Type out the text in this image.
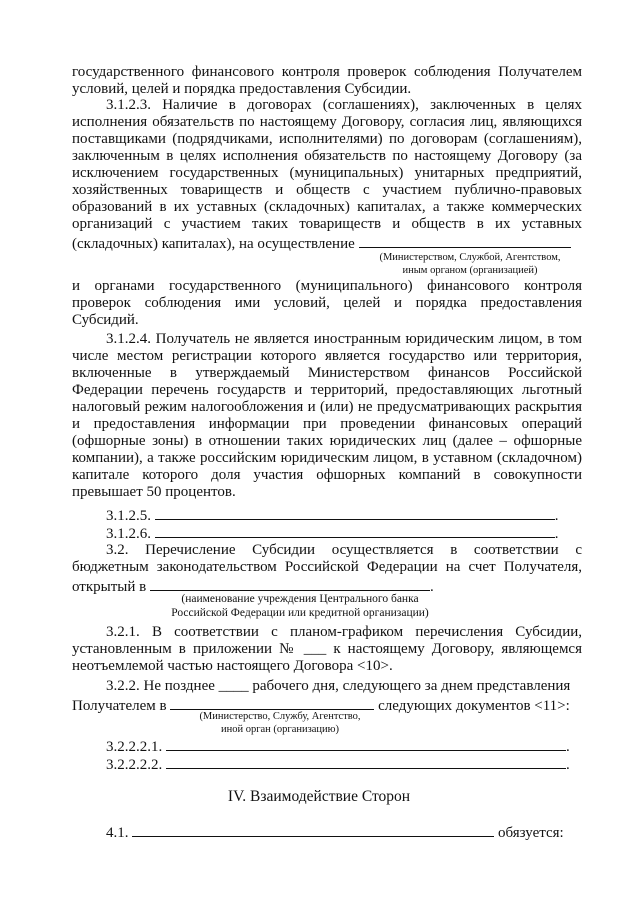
государственного финансового контроля проверок соблюдения Получателем условий, целей и порядка предоставления Субсидии.

3.1.2.3. Наличие в договорах (соглашениях), заключенных в целях исполнения обязательств по настоящему Договору, согласия лиц, являющихся поставщиками (подрядчиками, исполнителями) по договорам (соглашениям), заключенным в целях исполнения обязательств по настоящему Договору (за исключением государственных (муниципальных) унитарных предприятий, хозяйственных товариществ и обществ с участием публично-правовых образований в их уставных (складочных) капиталах, а также коммерческих организаций с участием таких товариществ и обществ в их уставных (складочных) капиталах), на осуществление

(Министерством, Службой, Агентством,
иным органом (организацией)

и органами государственного (муниципального) финансового контроля проверок соблюдения ими условий, целей и порядка предоставления Субсидий.

3.1.2.4. Получатель не является иностранным юридическим лицом, в том числе местом регистрации которого является государство или территория, включенные в утверждаемый Министерством финансов Российской Федерации перечень государств и территорий, предоставляющих льготный налоговый режим налогообложения и (или) не предусматривающих раскрытия и предоставления информации при проведении финансовых операций (офшорные зоны) в отношении таких юридических лиц (далее – офшорные компании), а также российским юридическим лицом, в уставном (складочном) капитале которого доля участия офшорных компаний в совокупности превышает 50 процентов.

3.1.2.5.	.
3.1.2.6.	.

3.2. Перечисление Субсидии осуществляется в соответствии с бюджетным законодательством Российской Федерации на счет Получателя, открытый в	.

(наименование учреждения Центрального банка
Российской Федерации или кредитной организации)

3.2.1. В соответствии с планом-графиком перечисления Субсидии, установленным в приложении № ___ к настоящему Договору, являющемся неотъемлемой частью настоящего Договора <10>.

3.2.2. Не позднее ____ рабочего дня, следующего за днем представления

Получателем в	следующих документов <11>:
(Министерство, Службу, Агентство,
иной орган (организацию)
3.2.2.2.1.	.
3.2.2.2.2.	.
IV. Взаимодействие Сторон
4.1.	обязуется:
